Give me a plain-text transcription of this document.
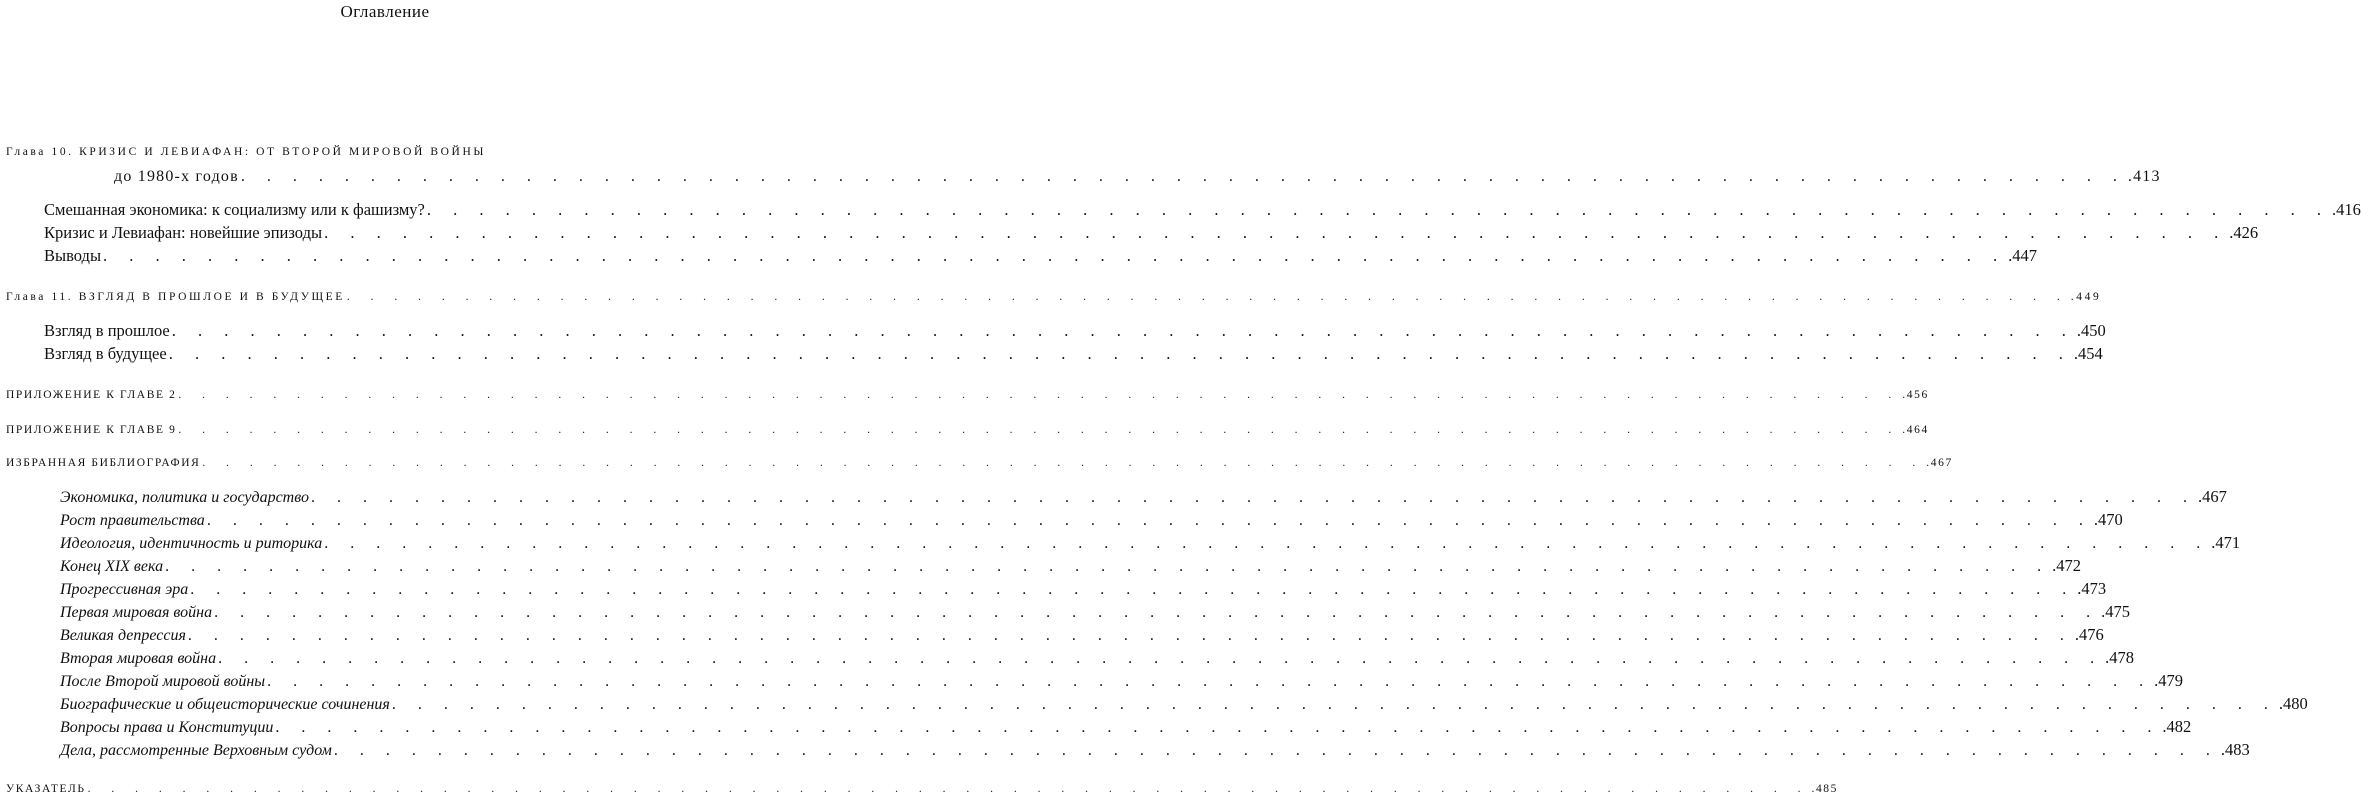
Оглавление
Глава 10. КРИЗИС И ЛЕВИАФАН: ОТ ВТОРОЙ МИРОВОЙ ВОЙНЫ
до 1980-х годов . . . . . . . . . . . . . . . . . . . . . . . . . . . . . . . . . . . . . . . . . . . . . . . . . . . . . . . . . . . . . . . . . . . . . . . . . .413
Смешанная экономика: к социализму или к фашизму? . . . . . . . . . . . . . . . . . . . . . . . . . . . . . . . . . . . . . . . . . . . . . . . . . . . . . . . . . . . . . . . . . . . . . . . . . .416
Кризис и Левиафан: новейшие эпизоды . . . . . . . . . . . . . . . . . . . . . . . . . . . . . . . . . . . . . . . . . . . . . . . . . . . . . . . . . . . . . . . . . . . . . . . . . .426
Выводы . . . . . . . . . . . . . . . . . . . . . . . . . . . . . . . . . . . . . . . . . . . . . . . . . . . . . . . . . . . . . . . . . . . . . . . . . .447
Глава 11. ВЗГЛЯД В ПРОШЛОЕ И В БУДУЩЕЕ . . . . . . . . . . . . . . . . . . . . . . . . . . . . . . . . . . . . . . . . . . . . . . . . . . . . . . . . . . . . . . . . . . . . . . . . . .449
Взгляд в прошлое . . . . . . . . . . . . . . . . . . . . . . . . . . . . . . . . . . . . . . . . . . . . . . . . . . . . . . . . . . . . . . . . . . . . . . . . . .450
Взгляд в будущее . . . . . . . . . . . . . . . . . . . . . . . . . . . . . . . . . . . . . . . . . . . . . . . . . . . . . . . . . . . . . . . . . . . . . . . . . .454
ПРИЛОЖЕНИЕ К ГЛАВЕ 2 . . . . . . . . . . . . . . . . . . . . . . . . . . . . . . . . . . . . . . . . . . . . . . . . . . . . . . . . . . . . . . . . . . . . . . . . . .456
ПРИЛОЖЕНИЕ К ГЛАВЕ 9 . . . . . . . . . . . . . . . . . . . . . . . . . . . . . . . . . . . . . . . . . . . . . . . . . . . . . . . . . . . . . . . . . . . . . . . . . .464
ИЗБРАННАЯ БИБЛИОГРАФИЯ . . . . . . . . . . . . . . . . . . . . . . . . . . . . . . . . . . . . . . . . . . . . . . . . . . . . . . . . . . . . . . . . . . . . . . . . . .467
Экономика, политика и государство . . . . . . . . . . . . . . . . . . . . . . . . . . . . . . . . . . . . . . . . . . . . . . . . . . . . . . . . . . . . . . . . . . . . . . . . . .467
Рост правительства . . . . . . . . . . . . . . . . . . . . . . . . . . . . . . . . . . . . . . . . . . . . . . . . . . . . . . . . . . . . . . . . . . . . . . . . . .470
Идеология, идентичность и риторика . . . . . . . . . . . . . . . . . . . . . . . . . . . . . . . . . . . . . . . . . . . . . . . . . . . . . . . . . . . . . . . . . . . . . . . . . .471
Конец XIX века . . . . . . . . . . . . . . . . . . . . . . . . . . . . . . . . . . . . . . . . . . . . . . . . . . . . . . . . . . . . . . . . . . . . . . . . . .472
Прогрессивная эра . . . . . . . . . . . . . . . . . . . . . . . . . . . . . . . . . . . . . . . . . . . . . . . . . . . . . . . . . . . . . . . . . . . . . . . . . .473
Первая мировая война . . . . . . . . . . . . . . . . . . . . . . . . . . . . . . . . . . . . . . . . . . . . . . . . . . . . . . . . . . . . . . . . . . . . . . . . . .475
Великая депрессия . . . . . . . . . . . . . . . . . . . . . . . . . . . . . . . . . . . . . . . . . . . . . . . . . . . . . . . . . . . . . . . . . . . . . . . . . .476
Вторая мировая война . . . . . . . . . . . . . . . . . . . . . . . . . . . . . . . . . . . . . . . . . . . . . . . . . . . . . . . . . . . . . . . . . . . . . . . . . .478
После Второй мировой войны . . . . . . . . . . . . . . . . . . . . . . . . . . . . . . . . . . . . . . . . . . . . . . . . . . . . . . . . . . . . . . . . . . . . . . . . . .479
Биографические и общеисторические сочинения . . . . . . . . . . . . . . . . . . . . . . . . . . . . . . . . . . . . . . . . . . . . . . . . . . . . . . . . . . . . . . . . . . . . . . . . . .480
Вопросы права и Конституции . . . . . . . . . . . . . . . . . . . . . . . . . . . . . . . . . . . . . . . . . . . . . . . . . . . . . . . . . . . . . . . . . . . . . . . . . .482
Дела, рассмотренные Верховным судом . . . . . . . . . . . . . . . . . . . . . . . . . . . . . . . . . . . . . . . . . . . . . . . . . . . . . . . . . . . . . . . . . . . . . . . . . .483
УКАЗАТЕЛЬ . . . . . . . . . . . . . . . . . . . . . . . . . . . . . . . . . . . . . . . . . . . . . . . . . . . . . . . . . . . . . . . . . . . . . . . . . .485
